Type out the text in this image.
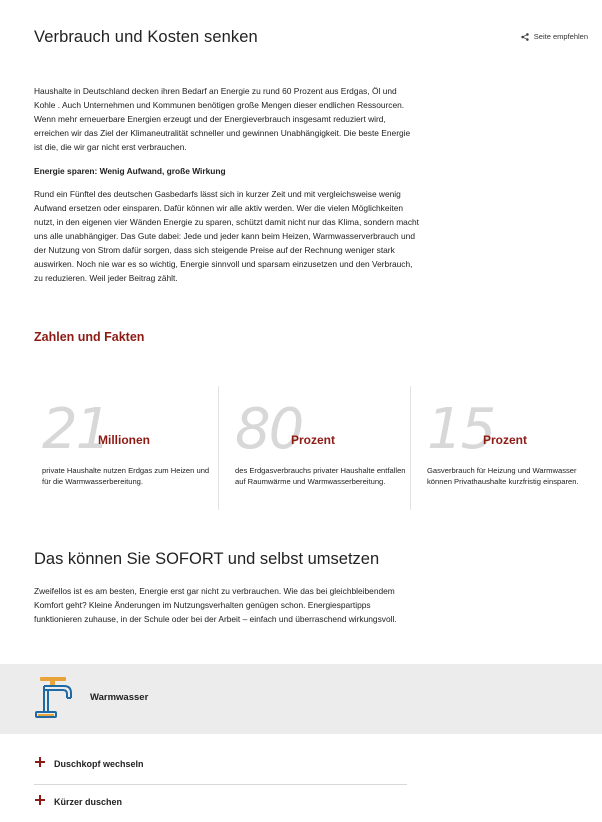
Verbrauch und Kosten senken	Seite empfehlen

Haushalte in Deutschland decken ihren Bedarf an Energie zu rund 60 Prozent aus Erdgas, Öl und Kohle . Auch Unternehmen und Kommunen benötigen große Mengen dieser endlichen Ressourcen. Wenn mehr erneuerbare Energien erzeugt und der Energieverbrauch insgesamt reduziert wird, erreichen wir das Ziel der Klimaneutralität schneller und gewinnen Unabhängigkeit. Die beste Energie ist die, die wir gar nicht erst verbrauchen.

Energie sparen: Wenig Aufwand, große Wirkung

Rund ein Fünftel des deutschen Gasbedarfs lässt sich in kurzer Zeit und mit vergleichsweise wenig Aufwand ersetzen oder einsparen. Dafür können wir alle aktiv werden. Wer die vielen Möglichkeiten nutzt, in den eigenen vier Wänden Energie zu sparen, schützt damit nicht nur das Klima, sondern macht uns alle unabhängiger. Das Gute dabei: Jede und jeder kann beim Heizen, Warmwasserverbrauch und der Nutzung von Strom dafür sorgen, dass sich steigende Preise auf der Rechnung weniger stark auswirken. Noch nie war es so wichtig, Energie sinnvoll und sparsam einzusetzen und den Verbrauch, zu reduzieren. Weil jeder Beitrag zählt.

Zahlen und Fakten
21
Millionen
private Haushalte nutzen Erdgas zum Heizen und für die Warmwasserbereitung.
80
Prozent
des Erdgasverbrauchs privater Haushalte entfallen auf Raumwärme und Warmwasserbereitung.
15
Prozent
Gasverbrauch für Heizung und Warmwasser können Privathaushalte kurzfristig einsparen.
Das können Sie SOFORT und selbst umsetzen

Zweifellos ist es am besten, Energie erst gar nicht zu verbrauchen. Wie das bei gleichbleibendem Komfort geht? Kleine Änderungen im Nutzungsverhalten genügen schon. Energiespartipps funktionieren zuhause, in der Schule oder bei der Arbeit – einfach und überraschend wirkungsvoll.

Warmwasser
Duschkopf wechseln
Kürzer duschen
